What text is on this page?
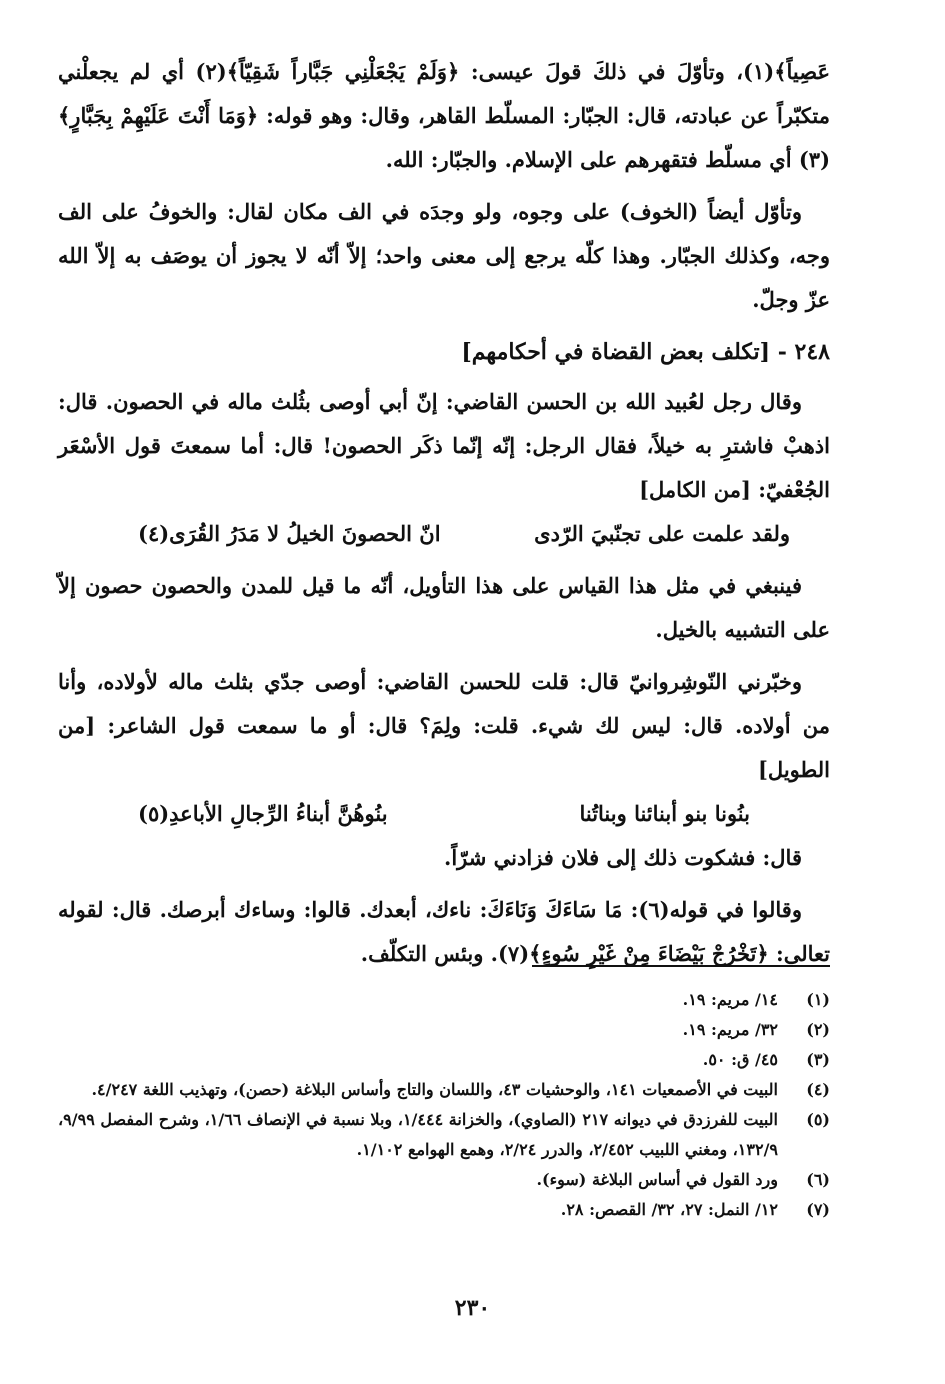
عَصِياً﴾(١)، وتأوّلَ في ذلكَ قولَ عيسى: ﴿وَلَمْ يَجْعَلْنِي جَبَّاراً شَقِيّاً﴾(٢) أي لم يجعلْني متكبّراً عن عبادته، قال: الجبّار: المسلّط القاهر، وقال: وهو قوله: ﴿وَمَا أَنْتَ عَلَيْهِمْ بِجَبَّارٍ﴾(٣) أي مسلّط فتقهرهم على الإسلام. والجبّار: الله.

وتأوّل أيضاً (الخوف) على وجوه، ولو وجدَه في الف مكان لقال: والخوفُ على الف وجه، وكذلك الجبّار. وهذا كلّه يرجع إلى معنى واحد؛ إلاّ أنّه لا يجوز أن يوصَف به إلاّ الله عزّ وجلّ.

٢٤٨ - [تكلف بعض القضاة في أحكامهم]

وقال رجل لعُبيد الله بن الحسن القاضي: إنّ أبي أوصى بثُلث ماله في الحصون. قال: اذهبْ فاشترِ به خيلاً، فقال الرجل: إنّه إنّما ذكَر الحصون! قال: أما سمعتَ قول الأسْعَر الجُعْفيّ: [من الكامل]

ولقد علمت على تجنّبيَ الرّدى
انّ الحصونَ الخيلُ لا مَدَرُ القُرَى(٤)

فينبغي في مثل هذا القياس على هذا التأويل، أنّه ما قيل للمدن والحصون حصون إلاّ على التشبيه بالخيل.

وخبّرني النّوشِروانيّ قال: قلت للحسن القاضي: أوصى جدّي بثلث ماله لأولاده، وأنا من أولاده. قال: ليس لك شيء. قلت: ولِمَ؟ قال: أو ما سمعت قول الشاعر: [من الطويل]

بنُونا بنو أبنائنا وبناتُنا
بنُوهُنَّ أبناءُ الرِّجالِ الأباعدِ(٥)

قال: فشكوت ذلك إلى فلان فزادني شرّاً.

وقالوا في قوله(٦): مَا سَاءَكَ وَنَاءَكَ: ناءك، أبعدك. قالوا: وساءك أبرصك. قال: لقوله تعالى: ﴿تَخْرُجْ بَيْضَاءَ مِنْ غَيْرِ سُوءٍ﴾(٧). وبئس التكلّف.

(١)
١٤/ مريم: ١٩.

(٢)
٣٢/ مريم: ١٩.

(٣)
٤٥/ ق: ٥٠.

(٤)
البيت في الأصمعيات ١٤١، والوحشيات ٤٣، واللسان والتاج وأساس البلاغة (حصن)، وتهذيب اللغة ٤/٢٤٧.

(٥)
البيت للفرزدق في ديوانه ٢١٧ (الصاوي)، والخزانة ١/٤٤٤، وبلا نسبة في الإنصاف ١/٦٦، وشرح المفصل ٩/٩٩، ١٣٢/٩، ومغني اللبيب ٢/٤٥٢، والدرر ٢/٢٤، وهمع الهوامع ١/١٠٢.

(٦)
ورد القول في أساس البلاغة (سوء).

(٧)
١٢/ النمل: ٢٧، ٣٢/ القصص: ٢٨.

٢٣٠
